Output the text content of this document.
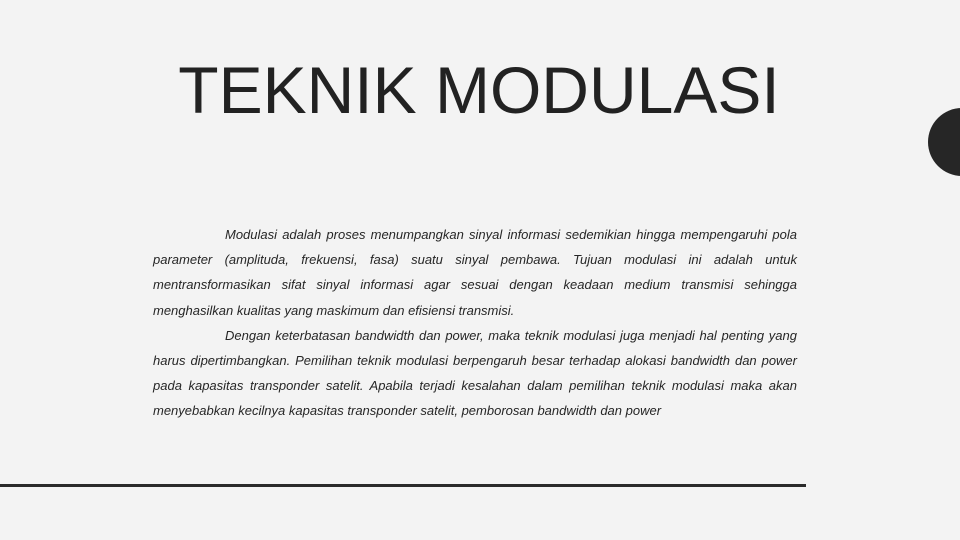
TEKNIK MODULASI

Modulasi adalah proses menumpangkan sinyal informasi sedemikian hingga mempengaruhi pola parameter (amplituda, frekuensi, fasa) suatu sinyal pembawa. Tujuan modulasi ini adalah untuk mentransformasikan sifat sinyal informasi agar sesuai dengan keadaan medium transmisi sehingga menghasilkan kualitas yang maskimum dan efisiensi transmisi.

Dengan keterbatasan bandwidth dan power, maka teknik modulasi juga menjadi hal penting yang harus dipertimbangkan. Pemilihan teknik modulasi berpengaruh besar terhadap alokasi bandwidth dan power pada kapasitas transponder satelit. Apabila terjadi kesalahan dalam pemilihan teknik modulasi maka akan menyebabkan kecilnya kapasitas transponder satelit, pemborosan bandwidth dan power
